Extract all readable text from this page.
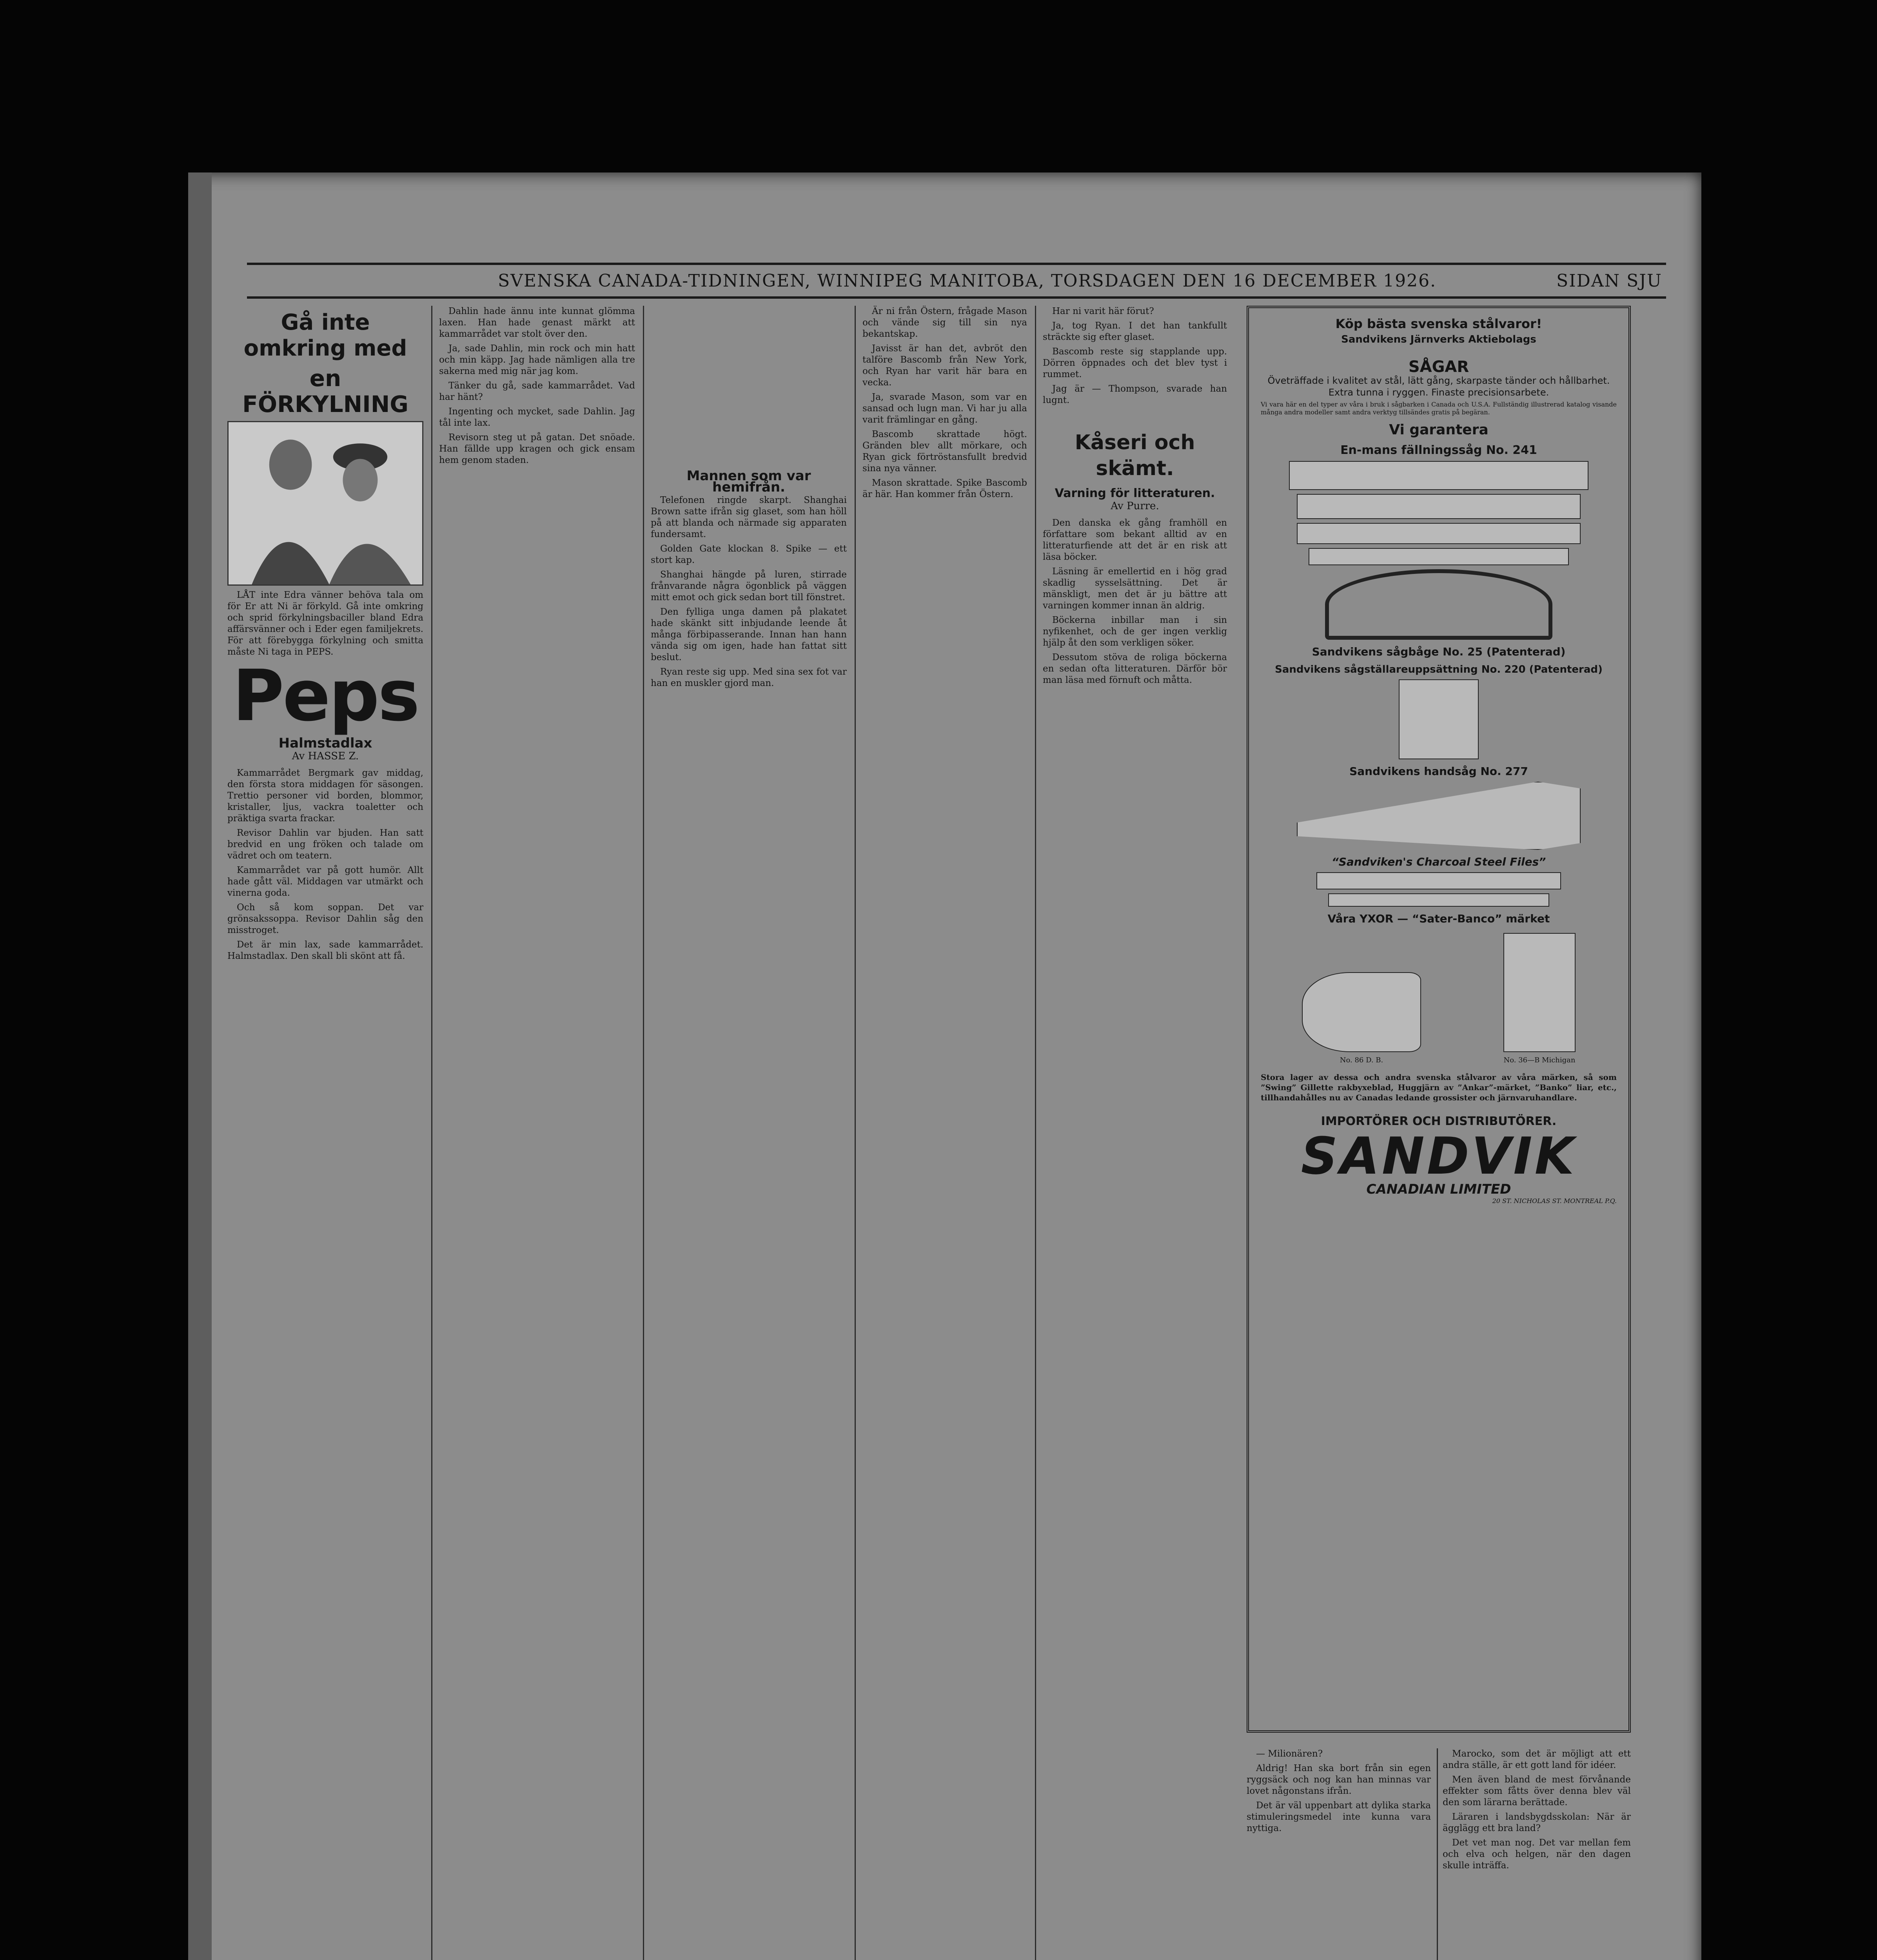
SVENSKA CANADA-TIDNINGEN, WINNIPEG MANITOBA, TORSDAGEN DEN 16 DECEMBER 1926.	SIDAN SJU
Gå inte omkring med
en FÖRKYLNING

LÅT inte Edra vänner behöva tala om för Er att Ni är förkyld. Gå inte omkring och sprid förkylningsbaciller bland Edra affärsvänner och i Eder egen familjekrets. För att förebygga förkylning och smitta måste Ni taga in PEPS.

Peps
Halmstadlax
Av HASSE Z.

Kammarrådet Bergmark gav middag, den första stora middagen för säsongen. Trettio personer vid borden, blommor, kristaller, ljus, vackra toaletter och präktiga svarta frackar.

Revisor Dahlin var bjuden. Han satt bredvid en ung fröken och talade om vädret och om teatern.

Kammarrådet var på gott humör. Allt hade gått väl. Middagen var utmärkt och vinerna goda.

Och så kom soppan. Det var grönsakssoppa. Revisor Dahlin såg den misstroget.

Det är min lax, sade kammarrådet. Halmstadlax. Den skall bli skönt att få.

Dahlin hade ännu inte kunnat glömma laxen. Han hade genast märkt att kammarrådet var stolt över den.

Ja, sade Dahlin, min rock och min hatt och min käpp. Jag hade nämligen alla tre sakerna med mig när jag kom.

Tänker du gå, sade kammarrådet. Vad har hänt?

Ingenting och mycket, sade Dahlin. Jag tål inte lax.

Revisorn steg ut på gatan. Det snöade. Han fällde upp kragen och gick ensam hem genom staden.

Mannen som var hemifrån.

Telefonen ringde skarpt. Shanghai Brown satte ifrån sig glaset, som han höll på att blanda och närmade sig apparaten fundersamt.

Golden Gate klockan 8. Spike — ett stort kap.

Shanghai hängde på luren, stirrade frånvarande några ögonblick på väggen mitt emot och gick sedan bort till fönstret.

Den fylliga unga damen på plakatet hade skänkt sitt inbjudande leende åt många förbipasserande. Innan han hann vända sig om igen, hade han fattat sitt beslut.

Ryan reste sig upp. Med sina sex fot var han en muskler gjord man.

Är ni från Östern, frågade Mason och vände sig till sin nya bekantskap.

Javisst är han det, avbröt den talföre Bascomb från New York, och Ryan har varit här bara en vecka.

Ja, svarade Mason, som var en sansad och lugn man. Vi har ju alla varit främlingar en gång.

Bascomb skrattade högt. Gränden blev allt mörkare, och Ryan gick förtröstansfullt bredvid sina nya vänner.

Mason skrattade. Spike Bascomb är här. Han kommer från Östern.

Har ni varit här förut?

Ja, tog Ryan. I det han tankfullt sträckte sig efter glaset.

Bascomb reste sig stapplande upp. Dörren öppnades och det blev tyst i rummet.

Jag är — Thompson, svarade han lugnt.

Kåseri och skämt.
Varning för litteraturen.
Av Purre.

Den danska ek gång framhöll en författare som bekant alltid av en litteraturfiende att det är en risk att läsa böcker.

Läsning är emellertid en i hög grad skadlig sysselsättning. Det är mänskligt, men det är ju bättre att varningen kommer innan än aldrig.

Böckerna inbillar man i sin nyfikenhet, och de ger ingen verklig hjälp åt den som verkligen söker.

Dessutom stöva de roliga böckerna en sedan ofta litteraturen. Därför bör man läsa med förnuft och måtta.

Köp bästa svenska stålvaror!
Sandvikens Järnverks Aktiebolags
SÅGAR
Öveträffade i kvalitet av stål, lätt gång, skarpaste tänder och hållbarhet. Extra tunna i ryggen. Finaste precisionsarbete.
Vi vara här en del typer av våra i bruk i sågbarken i Canada och U.S.A. Fullständig illustrerad katalog visande många andra modeller samt andra verktyg tillsändes gratis på begäran.
Vi garantera
En-mans fällningssåg No. 241
Sandvikens sågbåge No. 25 (Patenterad)
Sandvikens sågställareuppsättning No. 220 (Patenterad)
Sandvikens handsåg No. 277
“Sandviken's Charcoal Steel Files”
Våra YXOR — “Sater-Banco” märket
No. 86 D. B.	No. 36—B Michigan
Stora lager av dessa och andra svenska stålvaror av våra märken, så som ”Swing” Gillette rakbyxeblad, Huggjärn av ”Ankar”-märket, ”Banko” liar, etc., tillhandahålles nu av Canadas ledande grossister och järnvaruhandlare.
IMPORTÖRER OCH DISTRIBUTÖRER.
SANDVIK
CANADIAN LIMITED
20 ST. NICHOLAS ST. MONTREAL P.Q.

— Milionären?

Aldrig! Han ska bort från sin egen ryggsäck och nog kan han minnas var lovet någonstans ifrån.

Det är väl uppenbart att dylika starka stimuleringsmedel inte kunna vara nyttiga.

Marocko, som det är möjligt att ett andra ställe, är ett gott land för idéer.

Men även bland de mest förvånande effekter som fåtts över denna blev väl den som lärarna berättade.

Läraren i landsbygdsskolan: När är ägglägg ett bra land?

Det vet man nog. Det var mellan fem och elva och helgen, när den dagen skulle inträffa.
